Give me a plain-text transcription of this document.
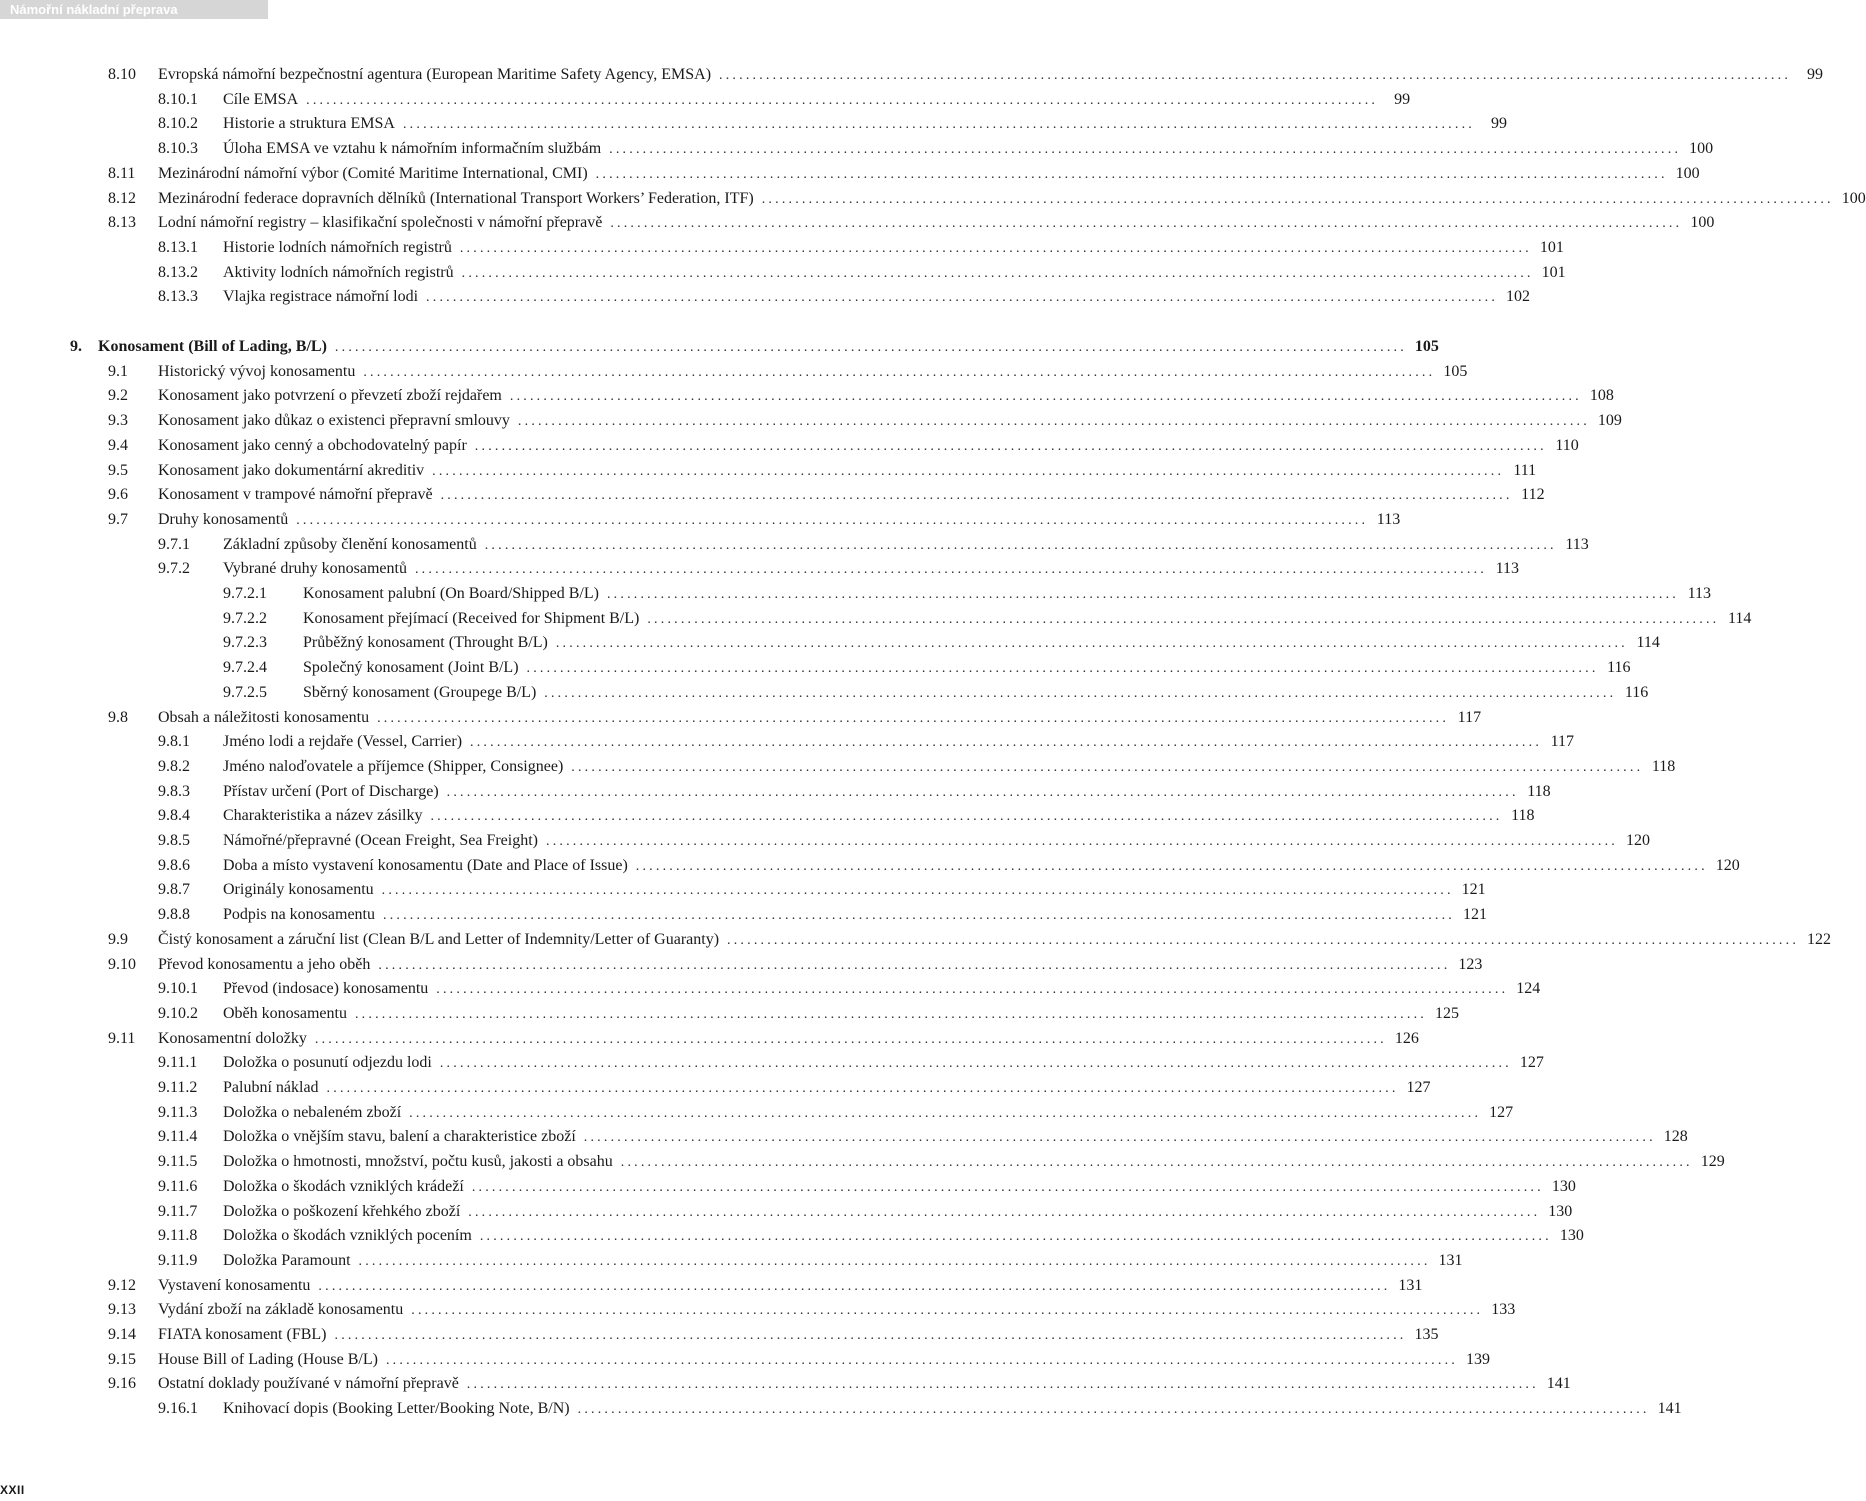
Námořní nákladní přeprava
8.10	Evropská námořní bezpečnostní agentura (European Maritime Safety Agency, EMSA) ................................................................................................................................................................	99
8.10.1	Cíle EMSA ................................................................................................................................................................	99
8.10.2	Historie a struktura EMSA ................................................................................................................................................................	99
8.10.3	Úloha EMSA ve vztahu k námořním informačním službám ................................................................................................................................................................ 100
8.11	Mezinárodní námořní výbor (Comité Maritime International, CMI) ................................................................................................................................................................ 100
8.12	Mezinárodní federace dopravních dělníků (International Transport Workers’ Federation, ITF) ................................................................................................................................................................ 100
8.13	Lodní námořní registry – klasifikační společnosti v námořní přepravě ................................................................................................................................................................ 100
8.13.1	Historie lodních námořních registrů ................................................................................................................................................................ 101
8.13.2	Aktivity lodních námořních registrů ................................................................................................................................................................ 101
8.13.3	Vlajka registrace námořní lodi ................................................................................................................................................................ 102
9.	Konosament (Bill of Lading, B/L) ................................................................................................................................................................ 105
9.1	Historický vývoj konosamentu ................................................................................................................................................................ 105
9.2	Konosament jako potvrzení o převzetí zboží rejdařem ................................................................................................................................................................ 108
9.3	Konosament jako důkaz o existenci přepravní smlouvy ................................................................................................................................................................ 109
9.4	Konosament jako cenný a obchodovatelný papír ................................................................................................................................................................ 110
9.5	Konosament jako dokumentární akreditiv ................................................................................................................................................................ 111
9.6	Konosament v trampové námořní přepravě ................................................................................................................................................................ 112
9.7	Druhy konosamentů ................................................................................................................................................................ 113
9.7.1	Základní způsoby členění konosamentů ................................................................................................................................................................ 113
9.7.2	Vybrané druhy konosamentů ................................................................................................................................................................ 113
9.7.2.1	Konosament palubní (On Board/Shipped B/L) ................................................................................................................................................................ 113
9.7.2.2	Konosament přejímací (Received for Shipment B/L) ................................................................................................................................................................ 114
9.7.2.3	Průběžný konosament (Throught B/L) ................................................................................................................................................................ 114
9.7.2.4	Společný konosament (Joint B/L) ................................................................................................................................................................ 116
9.7.2.5	Sběrný konosament (Groupege B/L) ................................................................................................................................................................ 116
9.8	Obsah a náležitosti konosamentu ................................................................................................................................................................ 117
9.8.1	Jméno lodi a rejdaře (Vessel, Carrier) ................................................................................................................................................................ 117
9.8.2	Jméno naloďovatele a příjemce (Shipper, Consignee) ................................................................................................................................................................ 118
9.8.3	Přístav určení (Port of Discharge) ................................................................................................................................................................ 118
9.8.4	Charakteristika a název zásilky ................................................................................................................................................................ 118
9.8.5	Námořné/přepravné (Ocean Freight, Sea Freight) ................................................................................................................................................................ 120
9.8.6	Doba a místo vystavení konosamentu (Date and Place of Issue) ................................................................................................................................................................ 120
9.8.7	Originály konosamentu ................................................................................................................................................................ 121
9.8.8	Podpis na konosamentu ................................................................................................................................................................ 121
9.9	Čistý konosament a záruční list (Clean B/L and Letter of Indemnity/Letter of Guaranty) ................................................................................................................................................................ 122
9.10	Převod konosamentu a jeho oběh ................................................................................................................................................................ 123
9.10.1	Převod (indosace) konosamentu ................................................................................................................................................................ 124
9.10.2	Oběh konosamentu ................................................................................................................................................................ 125
9.11	Konosamentní doložky ................................................................................................................................................................ 126
9.11.1	Doložka o posunutí odjezdu lodi ................................................................................................................................................................ 127
9.11.2	Palubní náklad ................................................................................................................................................................ 127
9.11.3	Doložka o nebaleném zboží ................................................................................................................................................................ 127
9.11.4	Doložka o vnějším stavu, balení a charakteristice zboží ................................................................................................................................................................ 128
9.11.5	Doložka o hmotnosti, množství, počtu kusů, jakosti a obsahu ................................................................................................................................................................ 129
9.11.6	Doložka o škodách vzniklých krádeží ................................................................................................................................................................ 130
9.11.7	Doložka o poškození křehkého zboží ................................................................................................................................................................ 130
9.11.8	Doložka o škodách vzniklých pocením ................................................................................................................................................................ 130
9.11.9	Doložka Paramount ................................................................................................................................................................ 131
9.12	Vystavení konosamentu ................................................................................................................................................................ 131
9.13	Vydání zboží na základě konosamentu ................................................................................................................................................................ 133
9.14	FIATA konosament (FBL) ................................................................................................................................................................ 135
9.15	House Bill of Lading (House B/L) ................................................................................................................................................................ 139
9.16	Ostatní doklady používané v námořní přepravě ................................................................................................................................................................ 141
9.16.1	Knihovací dopis (Booking Letter/Booking Note, B/N) ................................................................................................................................................................ 141
XXII
